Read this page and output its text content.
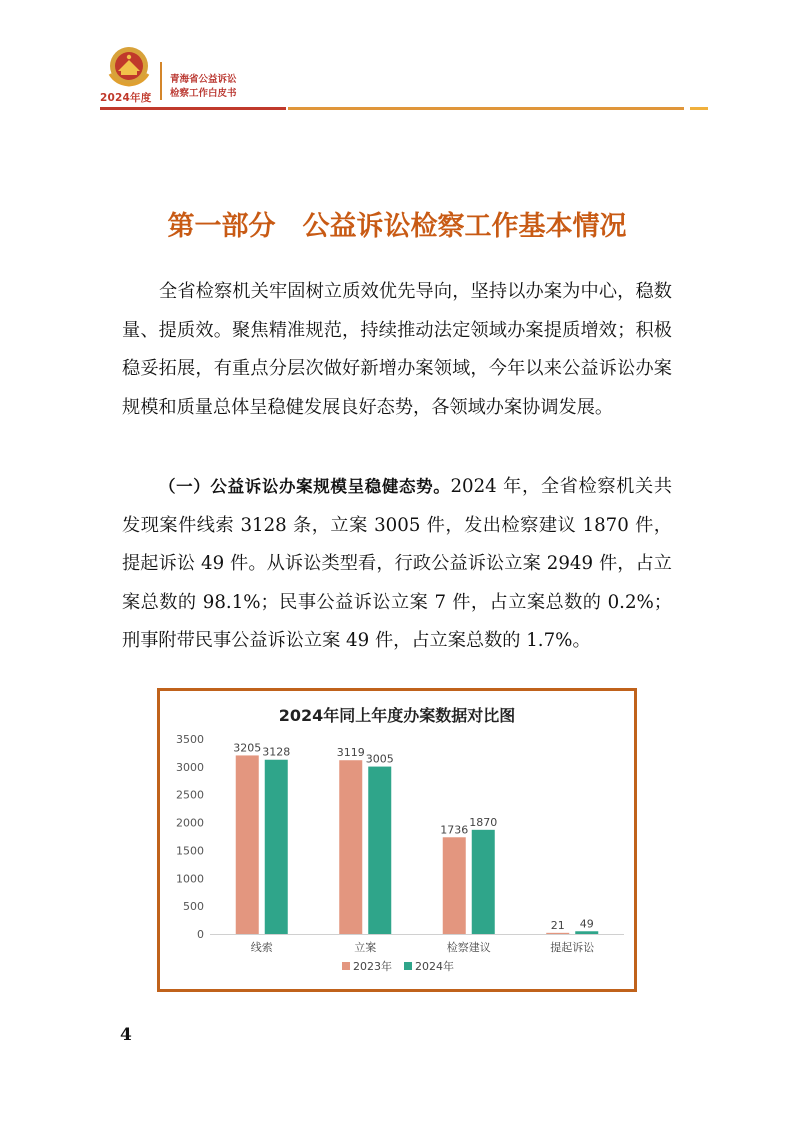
2024年度
青海省公益诉讼
检察工作白皮书
第一部分　公益诉讼检察工作基本情况
全省检察机关牢固树立质效优先导向，坚持以办案为中心，稳数量、提质效。聚焦精准规范，持续推动法定领域办案提质增效；积极稳妥拓展，有重点分层次做好新增办案领域，今年以来公益诉讼办案规模和质量总体呈稳健发展良好态势，各领域办案协调发展。
（一）公益诉讼办案规模呈稳健态势。2024 年，全省检察机关共发现案件线索 3128 条，立案 3005 件，发出检察建议 1870 件，提起诉讼 49 件。从诉讼类型看，行政公益诉讼立案 2949 件，占立案总数的 98.1%；民事公益诉讼立案 7 件，占立案总数的 0.2%；刑事附带民事公益诉讼立案 49 件，占立案总数的 1.7%。
2024年同上年度办案数据对比图
0
500
1000
1500
2000
2500
3000
3500
3205 3128
线索
3119 3005
立案
1736
1870
检察建议
21 49
提起诉讼
2023年 2024年
4
